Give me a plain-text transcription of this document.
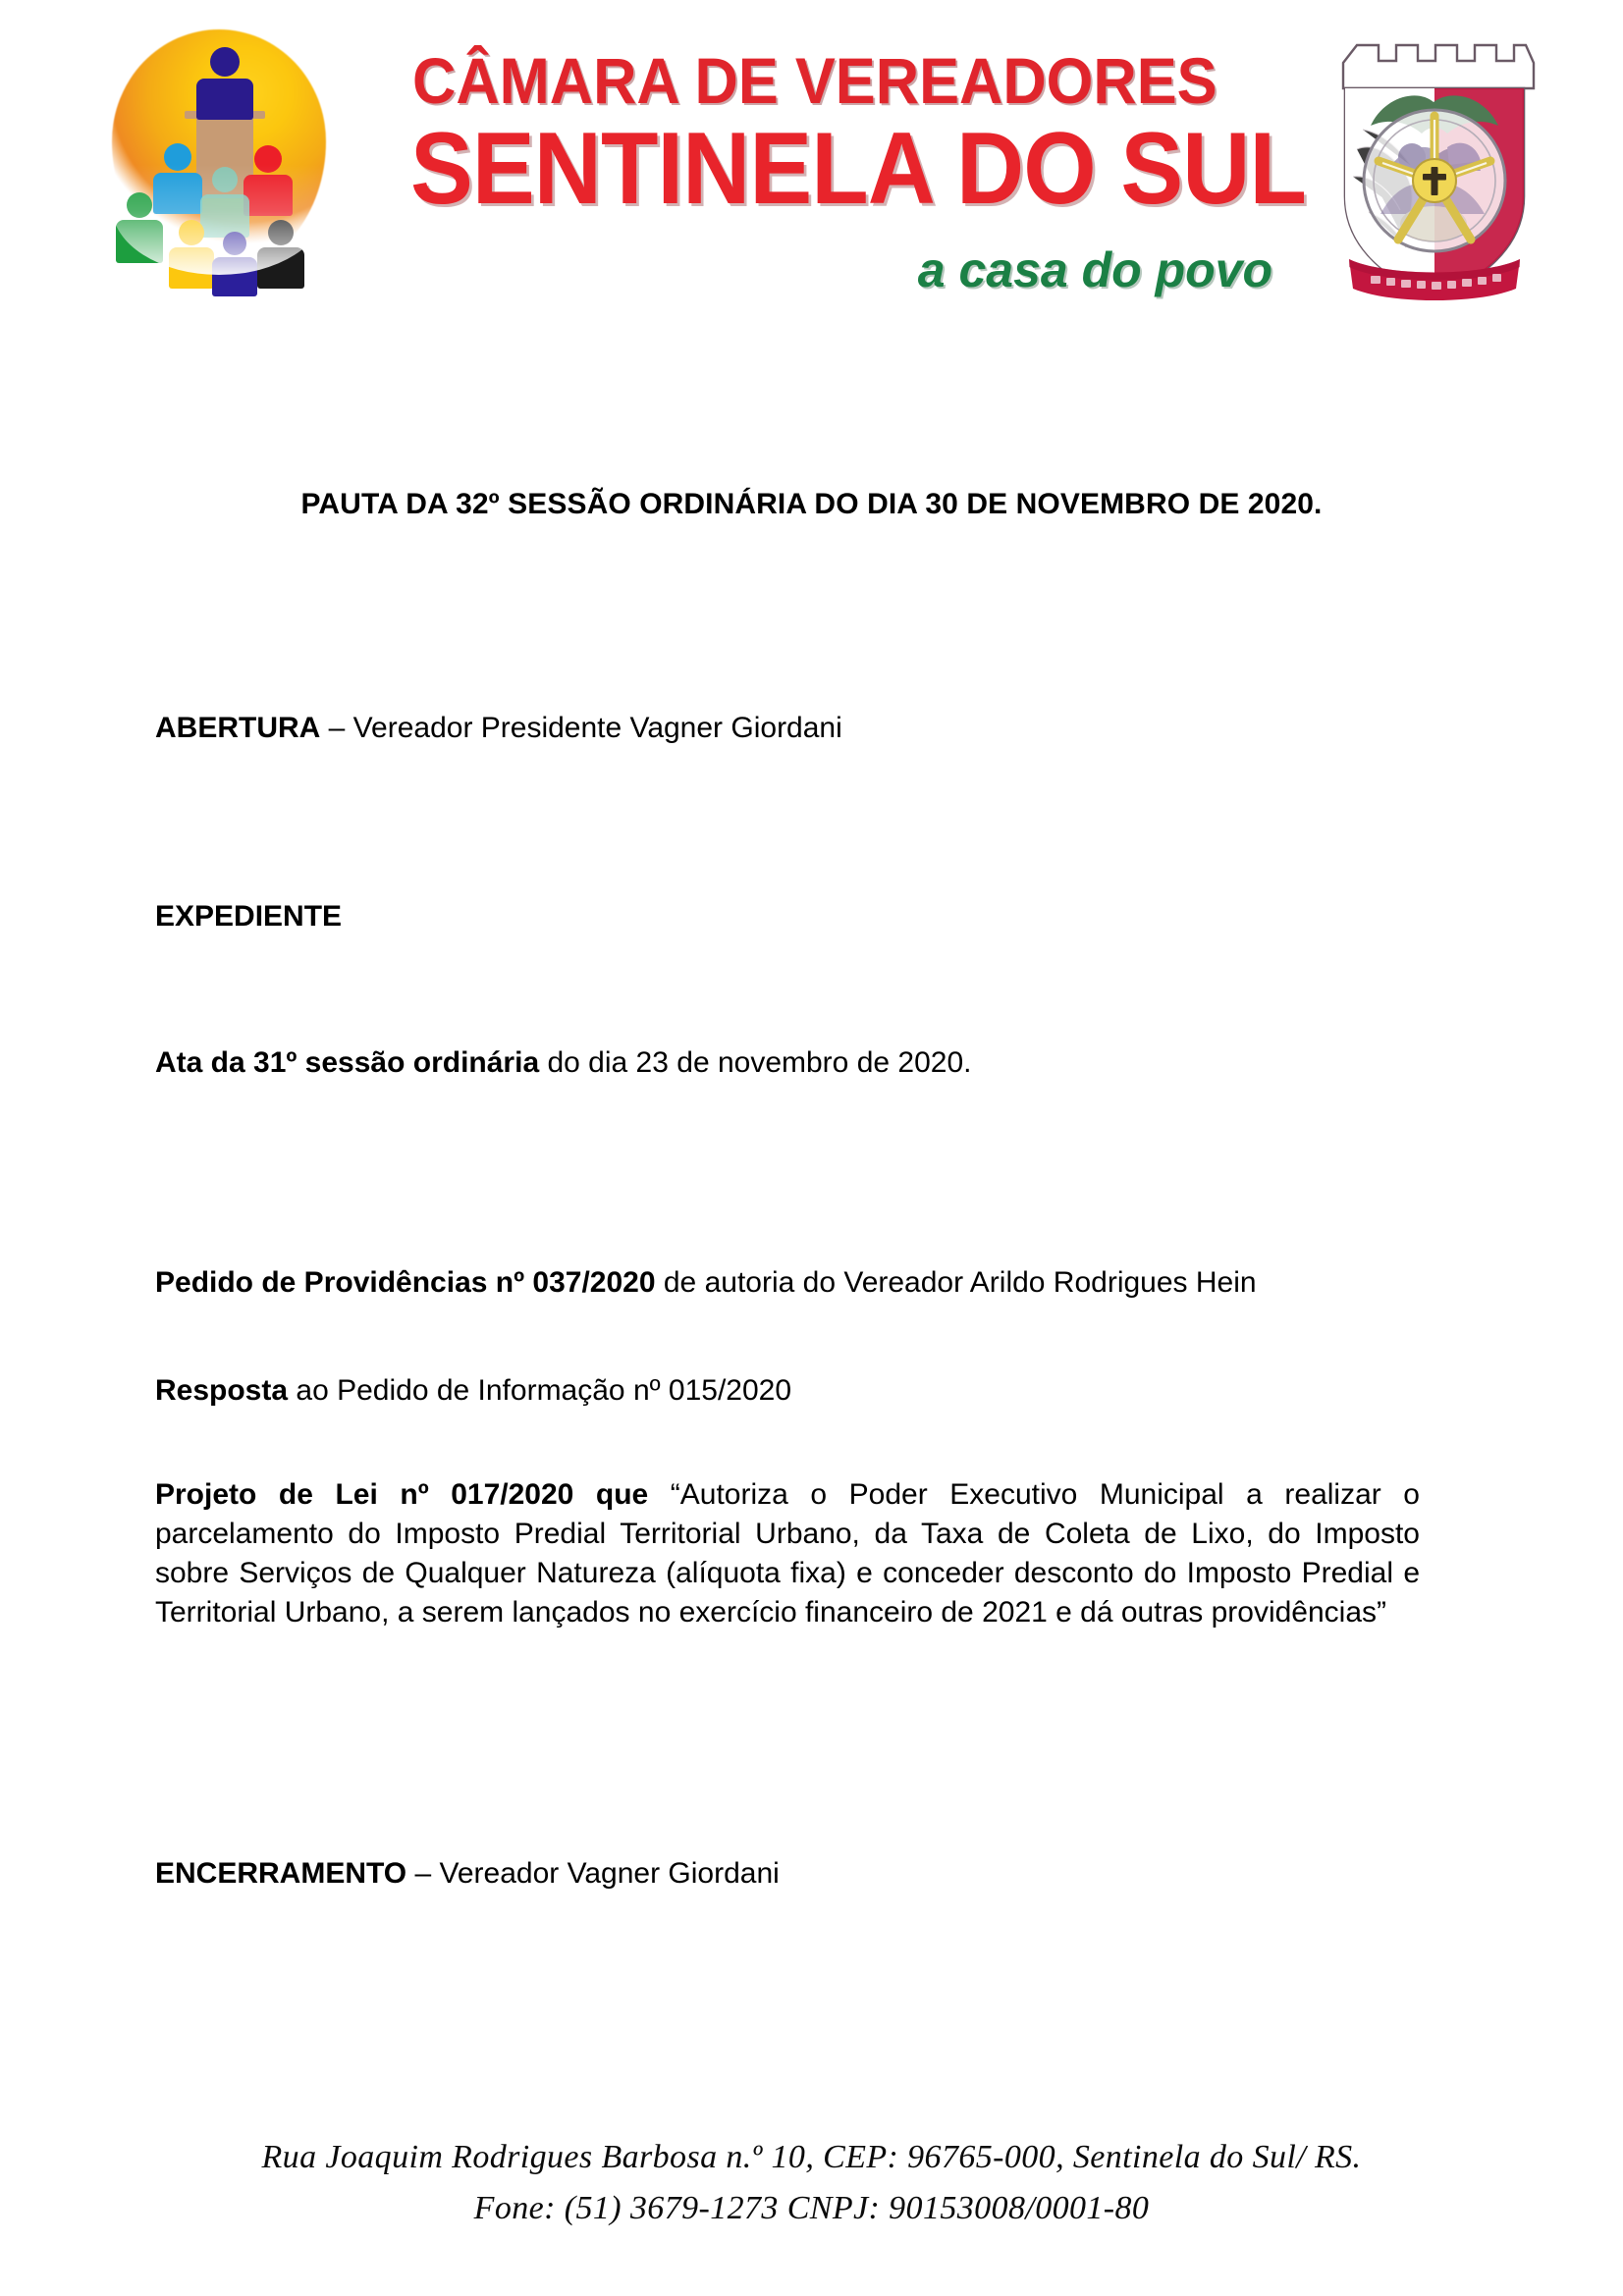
CÂMARA DE VEREADORES
SENTINELA DO SUL
a casa do povo
PAUTA DA 32º SESSÃO ORDINÁRIA DO DIA 30 DE NOVEMBRO DE 2020.

ABERTURA – Vereador Presidente Vagner Giordani

EXPEDIENTE

Ata da 31º sessão ordinária do dia 23 de novembro de 2020.

Pedido de Providências nº 037/2020 de autoria do Vereador Arildo Rodrigues Hein

Resposta ao Pedido de Informação nº 015/2020

Projeto de Lei nº 017/2020 que “Autoriza o Poder Executivo Municipal a realizar o parcelamento do Imposto Predial Territorial Urbano, da Taxa de Coleta de Lixo, do Imposto sobre Serviços de Qualquer Natureza (alíquota fixa) e conceder desconto do Imposto Predial e Territorial Urbano, a serem lançados no exercício financeiro de 2021 e dá outras providências”

ENCERRAMENTO – Vereador Vagner Giordani

Rua Joaquim Rodrigues Barbosa n.º 10, CEP: 96765-000, Sentinela do Sul/ RS.
Fone: (51) 3679-1273 CNPJ: 90153008/0001-80
